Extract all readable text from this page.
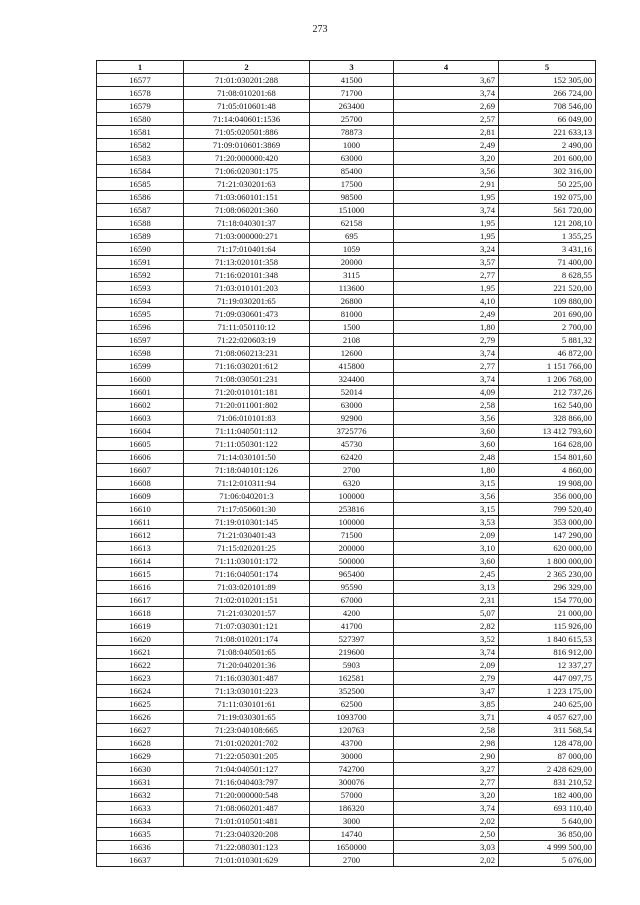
273
1	2	3	4	5
16577	71:01:030201:288	41500	3,67	152 305,00
16578	71:08:010201:68	71700	3,74	266 724,00
16579	71:05:010601:48	263400	2,69	708 546,00
16580	71:14:040601:1536	25700	2,57	66 049,00
16581	71:05:020501:886	78873	2,81	221 633,13
16582	71:09:010601:3869	1000	2,49	2 490,00
16583	71:20:000000:420	63000	3,20	201 600,00
16584	71:06:020301:175	85400	3,56	302 316,00
16585	71:21:030201:63	17500	2,91	50 225,00
16586	71:03:060101:151	98500	1,95	192 075,00
16587	71:08:060201:360	151000	3,74	561 720,00
16588	71:18:040301:37	62158	1,95	121 208,10
16589	71:03:000000:271	695	1,95	1 355,25
16590	71:17:010401:64	1059	3,24	3 431,16
16591	71:13:020101:358	20000	3,57	71 400,00
16592	71:16:020101:348	3115	2,77	8 628,55
16593	71:03:010101:203	113600	1,95	221 520,00
16594	71:19:030201:65	26800	4,10	109 880,00
16595	71:09:030601:473	81000	2,49	201 690,00
16596	71:11:050110:12	1500	1,80	2 700,00
16597	71:22:020603:19	2108	2,79	5 881,32
16598	71:08:060213:231	12600	3,74	46 872,00
16599	71:16:030201:612	415800	2,77	1 151 766,00
16600	71:08:030501:231	324400	3,74	1 206 768,00
16601	71:20:010101:181	52014	4,09	212 737,26
16602	71:20:011001:802	63000	2,58	162 540,00
16603	71:06:010101:83	92900	3,56	328 866,00
16604	71:11:040501:112	3725776	3,60	13 412 793,60
16605	71:11:050301:122	45730	3,60	164 628,00
16606	71:14:030101:50	62420	2,48	154 801,60
16607	71:18:040101:126	2700	1,80	4 860,00
16608	71:12:010311:94	6320	3,15	19 908,00
16609	71:06:040201:3	100000	3,56	356 000,00
16610	71:17:050601:30	253816	3,15	799 520,40
16611	71:19:010301:145	100000	3,53	353 000,00
16612	71:21:030401:43	71500	2,09	147 290,00
16613	71:15:020201:25	200000	3,10	620 000,00
16614	71:11:030101:172	500000	3,60	1 800 000,00
16615	71:16:040501:174	965400	2,45	2 365 230,00
16616	71:03:020101:89	95590	3,13	296 329,00
16617	71:02:010201:151	67000	2,31	154 770,00
16618	71:21:030201:57	4200	5,07	21 000,00
16619	71:07:030301:121	41700	2,82	115 926,00
16620	71:08:010201:174	527397	3,52	1 840 615,53
16621	71:08:040501:65	219600	3,74	816 912,00
16622	71:20:040201:36	5903	2,09	12 337,27
16623	71:16:030301:487	162581	2,79	447 097,75
16624	71:13:030101:223	352500	3,47	1 223 175,00
16625	71:11:030101:61	62500	3,85	240 625,00
16626	71:19:030301:65	1093700	3,71	4 057 627,00
16627	71:23:040108:665	120763	2,58	311 568,54
16628	71:01:020201:702	43700	2,98	128 478,00
16629	71:22:050301:205	30000	2,90	87 000,00
16630	71:04:040501:127	742700	3,27	2 428 629,00
16631	71:16:040403:797	300076	2,77	831 210,52
16632	71:20:000000:548	57000	3,20	182 400,00
16633	71:08:060201:487	186320	3,74	693 110,40
16634	71:01:010501:481	3000	2,02	5 640,00
16635	71:23:040320:208	14740	2,50	36 850,00
16636	71:22:080301:123	1650000	3,03	4 999 500,00
16637	71:01:010301:629	2700	2,02	5 076,00
